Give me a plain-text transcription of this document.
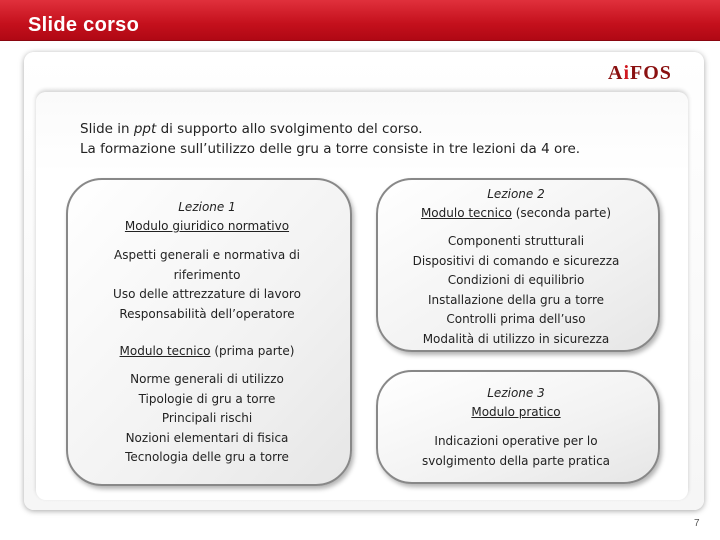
Slide corso
AiFOS
Slide in ppt di supporto allo svolgimento del corso.
La formazione sull’utilizzo delle gru a torre consiste in tre lezioni da 4 ore.
Lezione 1
Modulo giuridico normativo
Aspetti generali e normativa di
riferimento
Uso delle attrezzature di lavoro
Responsabilità dell’operatore
Modulo tecnico (prima parte)
Norme generali di utilizzo
Tipologie di gru a torre
Principali rischi
Nozioni elementari di fisica
Tecnologia delle gru a torre
Lezione 2
Modulo tecnico (seconda parte)
Componenti strutturali
Dispositivi di comando e sicurezza
Condizioni di equilibrio
Installazione della gru a torre
Controlli prima dell’uso
Modalità di utilizzo in sicurezza
Lezione 3
Modulo pratico
Indicazioni operative per lo
svolgimento della parte pratica
7
